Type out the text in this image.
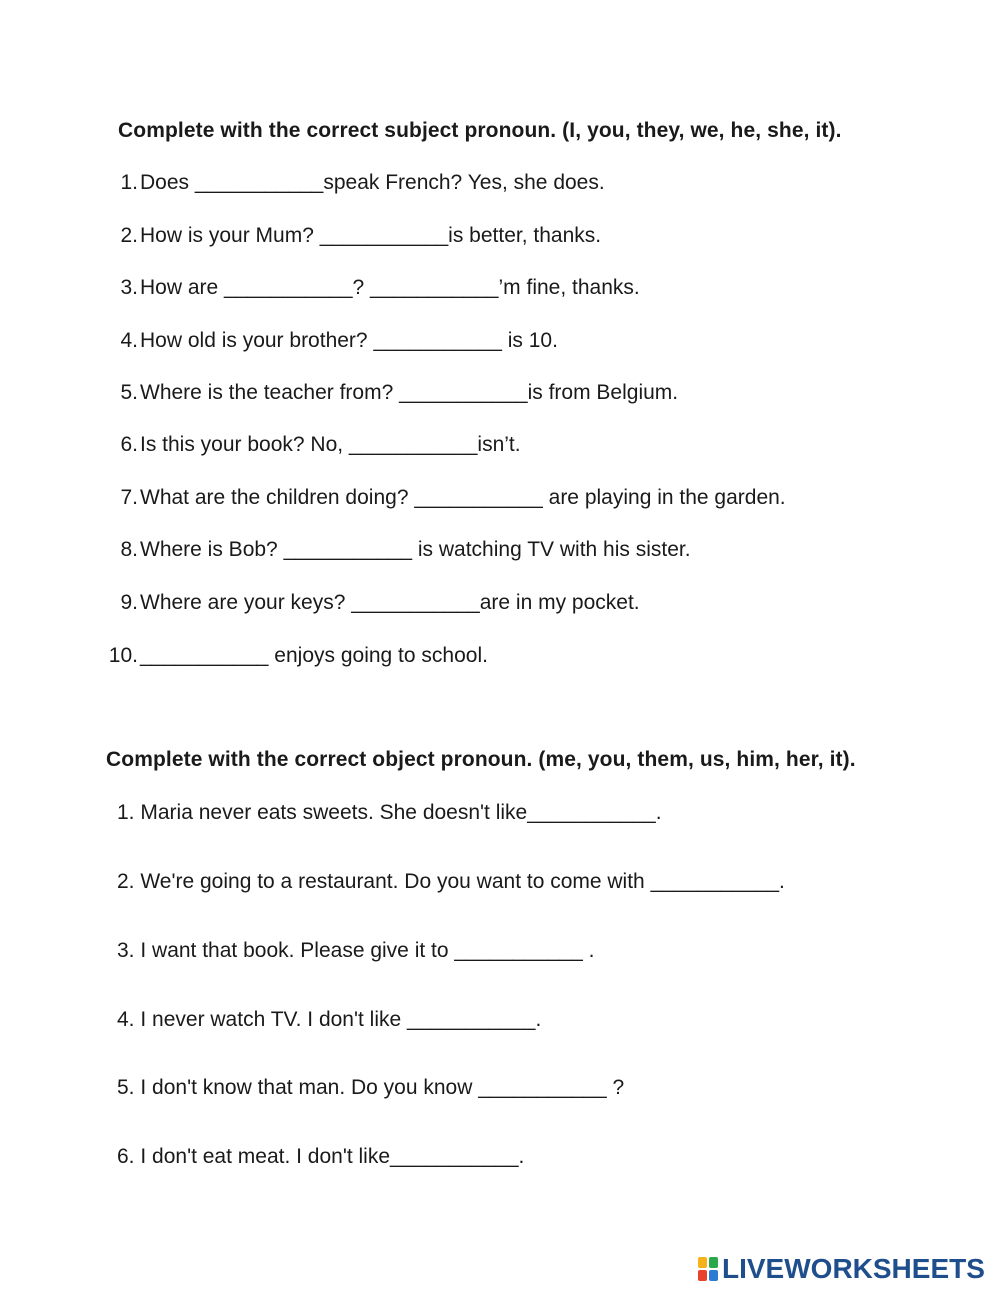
Complete with the correct subject pronoun. (I, you, they, we, he, she, it).
1. Does ___________speak French? Yes, she does.
2. How is your Mum? ___________is better, thanks.
3. How are ___________? ___________’m fine, thanks.
4. How old is your brother? ___________ is 10.
5. Where is the teacher from? ___________is from Belgium.
6. Is this your book? No, ___________isn’t.
7. What are the children doing? ___________ are playing in the garden.
8. Where is Bob? ___________ is watching TV with his sister.
9. Where are your keys? ___________are in my pocket.
10. ___________ enjoys going to school.
Complete with the correct object pronoun. (me, you, them, us, him, her, it).
1. Maria never eats sweets. She doesn't like___________.
2. We're going to a restaurant. Do you want to come with ___________.
3. I want that book. Please give it to ___________ .
4. I never watch TV. I don't like ___________.
5. I don't know that man. Do you know ___________ ?
6. I don't eat meat. I don't like___________.
LIVEWORKSHEETS
